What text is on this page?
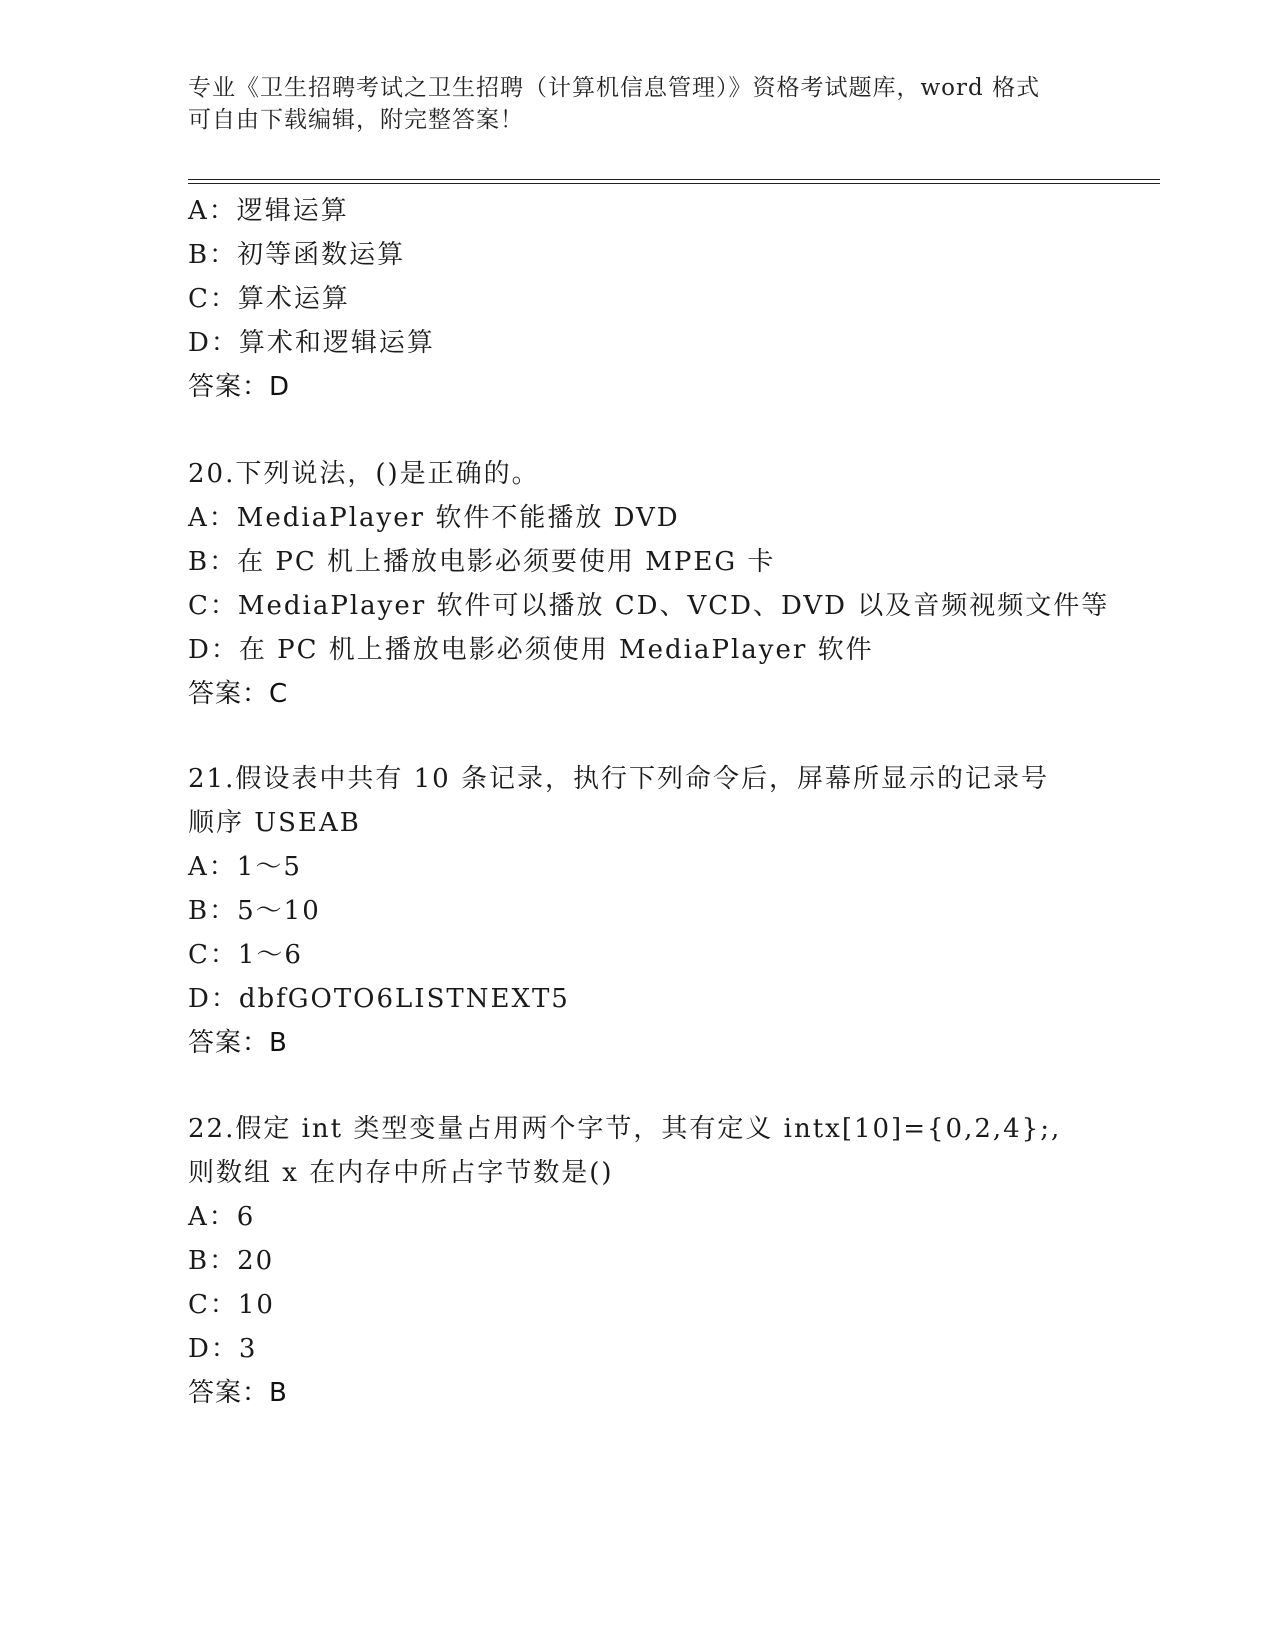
专业《卫生招聘考试之卫生招聘（计算机信息管理）》资格考试题库，word 格式
可自由下载编辑，附完整答案！
A：逻辑运算
B：初等函数运算
C：算术运算
D：算术和逻辑运算
答案：D
20.下列说法，()是正确的。
A：MediaPlayer 软件不能播放 DVD
B：在 PC 机上播放电影必须要使用 MPEG 卡
C：MediaPlayer 软件可以播放 CD、VCD、DVD 以及音频视频文件等
D：在 PC 机上播放电影必须使用 MediaPlayer 软件
答案：C
21.假设表中共有 10 条记录，执行下列命令后，屏幕所显示的记录号
顺序 USEAB
A：1～5
B：5～10
C：1～6
D：dbfGOTO6LISTNEXT5
答案：B
22.假定 int 类型变量占用两个字节，其有定义 intx[10]={0,2,4};,
则数组 x 在内存中所占字节数是()
A：6
B：20
C：10
D：3
答案：B
